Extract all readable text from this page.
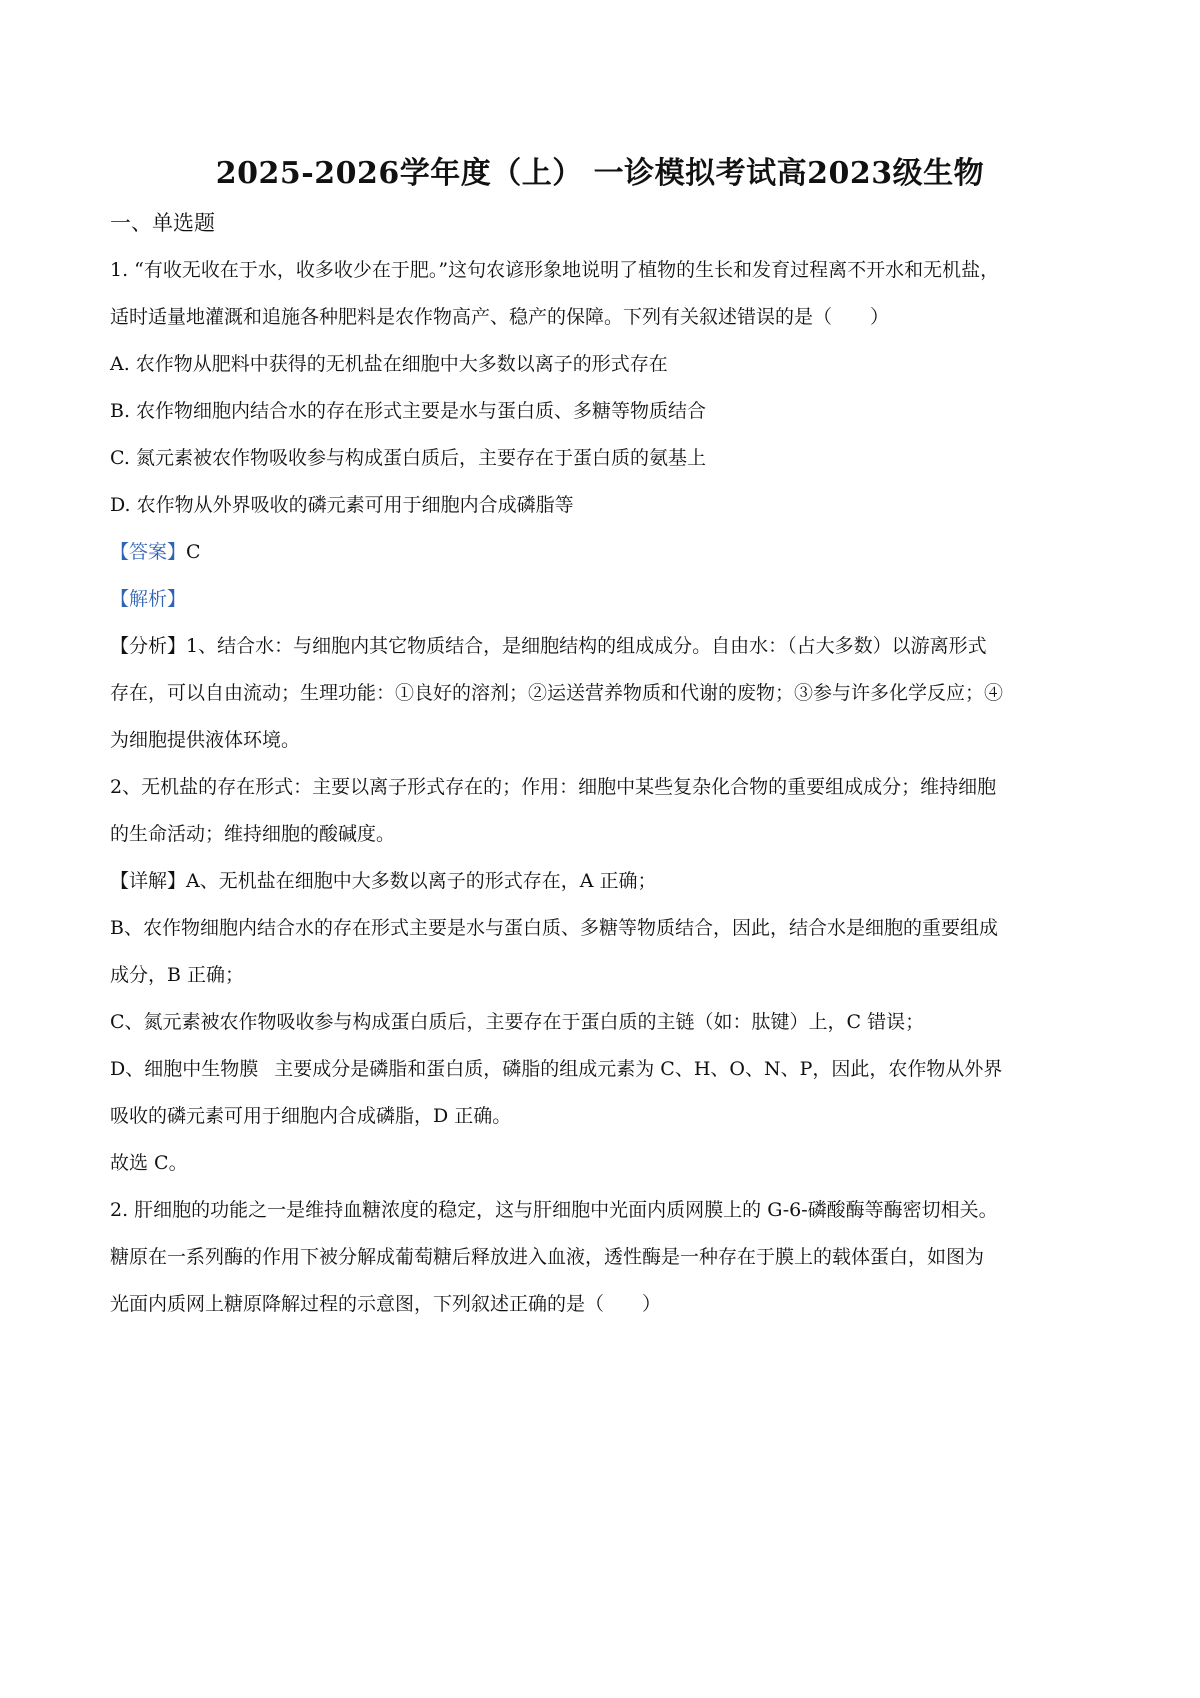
2025-2026学年度（上） 一诊模拟考试高2023级生物
一、单选题
1. “有收无收在于水，收多收少在于肥。”这句农谚形象地说明了植物的生长和发育过程离不开水和无机盐，
适时适量地灌溉和追施各种肥料是农作物高产、稳产的保障。下列有关叙述错误的是（　　）
A. 农作物从肥料中获得的无机盐在细胞中大多数以离子的形式存在
B. 农作物细胞内结合水的存在形式主要是水与蛋白质、多糖等物质结合
C. 氮元素被农作物吸收参与构成蛋白质后，主要存在于蛋白质的氨基上
D. 农作物从外界吸收的磷元素可用于细胞内合成磷脂等
【答案】C
【解析】
【分析】1、结合水：与细胞内其它物质结合，是细胞结构的组成成分。自由水：（占大多数）以游离形式
存在，可以自由流动；生理功能：①良好的溶剂；②运送营养物质和代谢的废物；③参与许多化学反应；④
为细胞提供液体环境。
2、无机盐的存在形式：主要以离子形式存在的；作用：细胞中某些复杂化合物的重要组成成分；维持细胞
的生命活动；维持细胞的酸碱度。
【详解】A、无机盐在细胞中大多数以离子的形式存在，A 正确；
B、农作物细胞内结合水的存在形式主要是水与蛋白质、多糖等物质结合，因此，结合水是细胞的重要组成
成分，B 正确；
C、氮元素被农作物吸收参与构成蛋白质后，主要存在于蛋白质的主链（如：肽键）上，C 错误；
D、细胞中生物膜 主要成分是磷脂和蛋白质，磷脂的组成元素为 C、H、O、N、P，因此，农作物从外界
吸收的磷元素可用于细胞内合成磷脂，D 正确。
故选 C。
2. 肝细胞的功能之一是维持血糖浓度的稳定，这与肝细胞中光面内质网膜上的 G-6-磷酸酶等酶密切相关。
糖原在一系列酶的作用下被分解成葡萄糖后释放进入血液，透性酶是一种存在于膜上的载体蛋白，如图为
光面内质网上糖原降解过程的示意图，下列叙述正确的是（　　）
